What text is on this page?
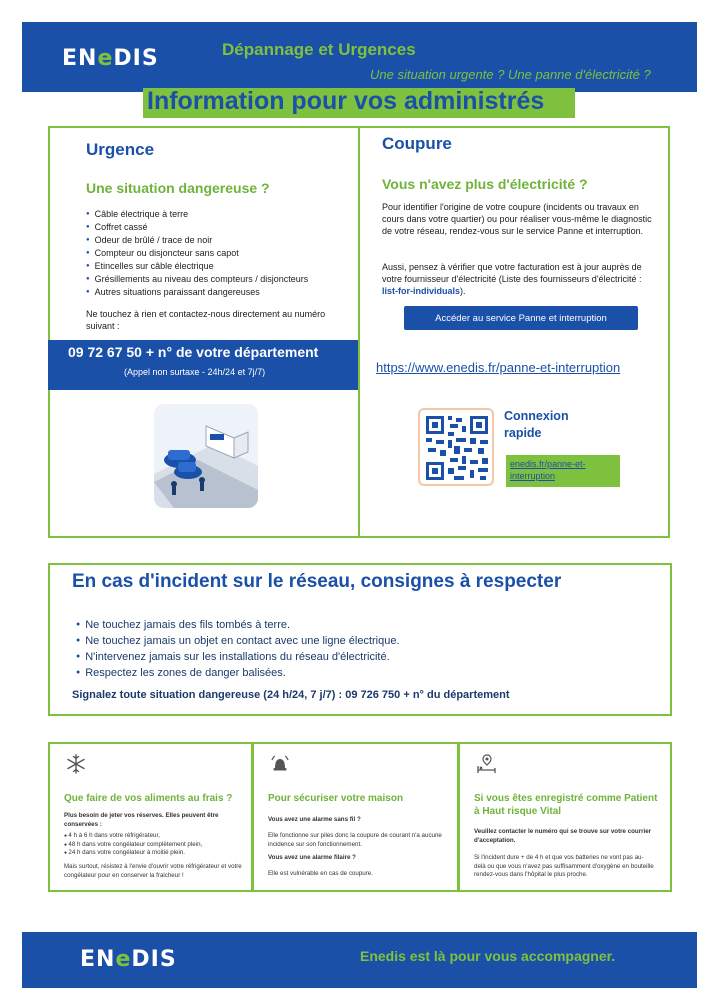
ENeDIS	Dépannage et Urgences
Une situation urgente ? Une panne d'électricité ?
Information pour vos administrés
Urgence
Une situation dangereuse ?
● Câble électrique à terre
● Coffret cassé
● Odeur de brûlé / trace de noir
● Compteur ou disjoncteur sans capot
● Etincelles sur câble électrique
● Grésillements au niveau des compteurs / disjoncteurs
● Autres situations paraissant dangereuses
Ne touchez à rien et contactez-nous directement au numéro suivant :
09 72 67 50 + n° de votre département
(Appel non surtaxe - 24h/24 et 7j/7)
Coupure
Vous n'avez plus d'électricité ?
Pour identifier l'origine de votre coupure (incidents ou travaux en cours dans votre quartier) ou pour réaliser vous-même le diagnostic de votre réseau, rendez-vous sur le service Panne et interruption.
Aussi, pensez à vérifier que votre facturation est à jour auprès de votre fournisseur d'électricité (Liste des fournisseurs d'électricité : list-for-individuals).
Accéder au service Panne et interruption
https://www.enedis.fr/panne-et-interruption
Connexion
rapide
enedis.fr/panne-et-interruption
En cas d'incident sur le réseau, consignes à respecter
● Ne touchez jamais des fils tombés à terre.
● Ne touchez jamais un objet en contact avec une ligne électrique.
● N'intervenez jamais sur les installations du réseau d'électricité.
● Respectez les zones de danger balisées.
Signalez toute situation dangereuse (24 h/24, 7 j/7) : 09 726 750 + n° du département
Que faire de vos aliments au frais ?
Plus besoin de jeter vos réserves. Elles peuvent être conservées :
● 4 h à 6 h dans votre réfrigérateur,
● 48 h dans votre congélateur complètement plein,
● 24 h dans votre congélateur à moitié plein.
Mais surtout, résistez à l'envie d'ouvrir votre réfrigérateur et votre congélateur pour en conserver la fraicheur !
Pour sécuriser votre maison
Vous avez une alarme sans fil ?
Elle fonctionne sur piles donc la coupure de courant n'a aucune incidence sur son fonctionnement.
Vous avez une alarme filaire ?
Elle est vulnérable en cas de coupure.
Si vous êtes enregistré comme Patient à Haut risque Vital
Veuillez contacter le numéro qui se trouve sur votre courrier d'acceptation.
Si l'incident dure + de 4 h et que vos batteries ne vont pas au-delà ou que vous n'avez pas suffisamment d'oxygène en bouteille rendez-vous dans l'hôpital le plus proche.
ENeDIS	Enedis est là pour vous accompagner.
